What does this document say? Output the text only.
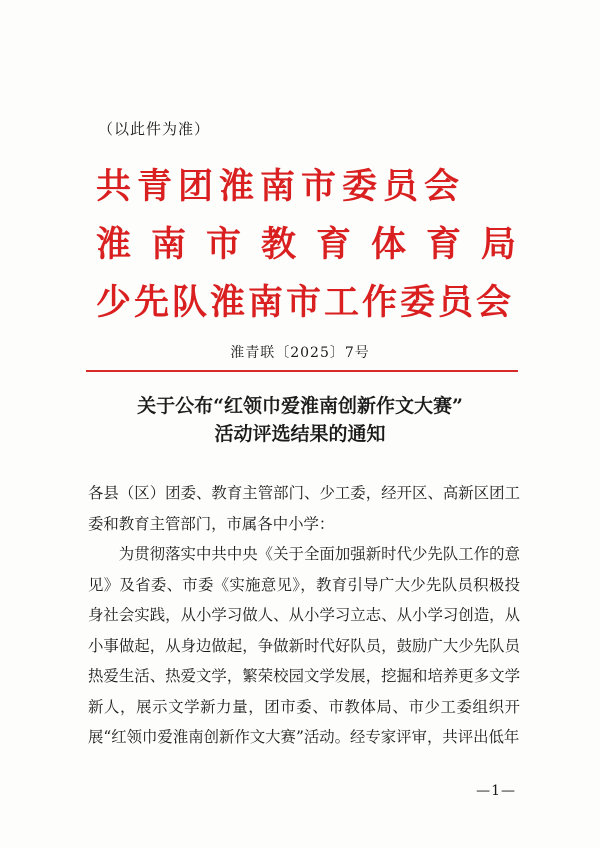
（以此件为准）
共青团淮南市委员会
淮南市教育体育局
少先队淮南市工作委员会
淮青联〔2025〕7号
关于公布“红领巾爱淮南创新作文大赛”
活动评选结果的通知

各县（区）团委、教育主管部门、少工委，经开区、高新区团工委和教育主管部门，市属各中小学：

为贯彻落实中共中央《关于全面加强新时代少先队工作的意见》及省委、市委《实施意见》，教育引导广大少先队员积极投身社会实践，从小学习做人、从小学习立志、从小学习创造，从小事做起，从身边做起，争做新时代好队员，鼓励广大少先队员热爱生活、热爱文学，繁荣校园文学发展，挖掘和培养更多文学新人，展示文学新力量，团市委、市教体局、市少工委组织开展“红领巾爱淮南创新作文大赛”活动。经专家评审，共评出低年

—1—
